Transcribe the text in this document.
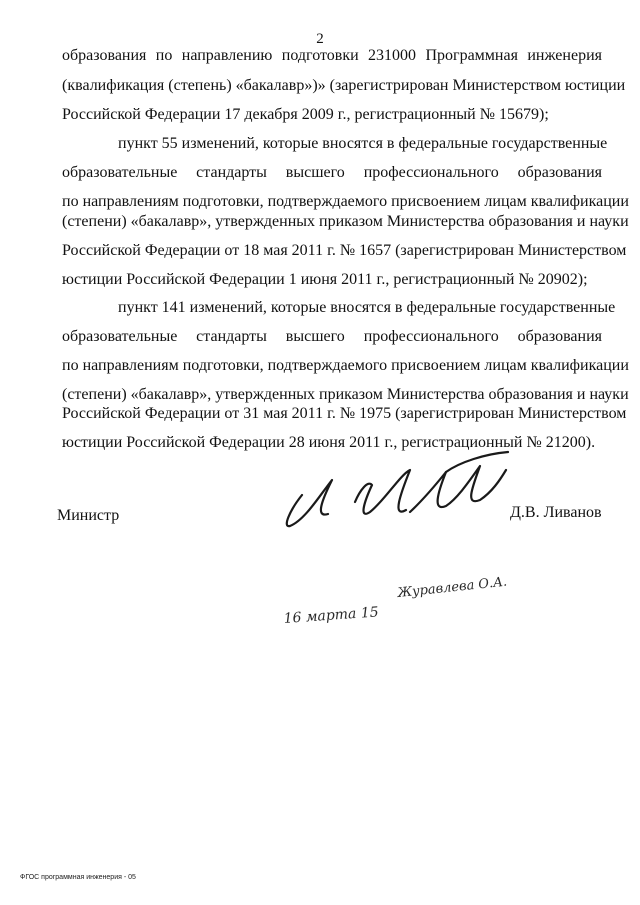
2
образования по направлению подготовки 231000 Программная инженерия
(квалификация (степень) «бакалавр»)» (зарегистрирован Министерством юстиции
Российской Федерации 17 декабря 2009 г., регистрационный № 15679);
пункт 55 изменений, которые вносятся в федеральные государственные
образовательные стандарты высшего профессионального образования
по направлениям подготовки, подтверждаемого присвоением лицам квалификации
(степени) «бакалавр», утвержденных приказом Министерства образования и науки
Российской Федерации от 18 мая 2011 г. № 1657 (зарегистрирован Министерством
юстиции Российской Федерации 1 июня 2011 г., регистрационный № 20902);
пункт 141 изменений, которые вносятся в федеральные государственные
образовательные стандарты высшего профессионального образования
по направлениям подготовки, подтверждаемого присвоением лицам квалификации
(степени) «бакалавр», утвержденных приказом Министерства образования и науки
Российской Федерации от 31 мая 2011 г. № 1975 (зарегистрирован Министерством
юстиции Российской Федерации 28 июня 2011 г., регистрационный № 21200).
Министр	Д.В. Ливанов
Журавлева О.А.
16 марта 15
ФГОС программная инженерия - 05
